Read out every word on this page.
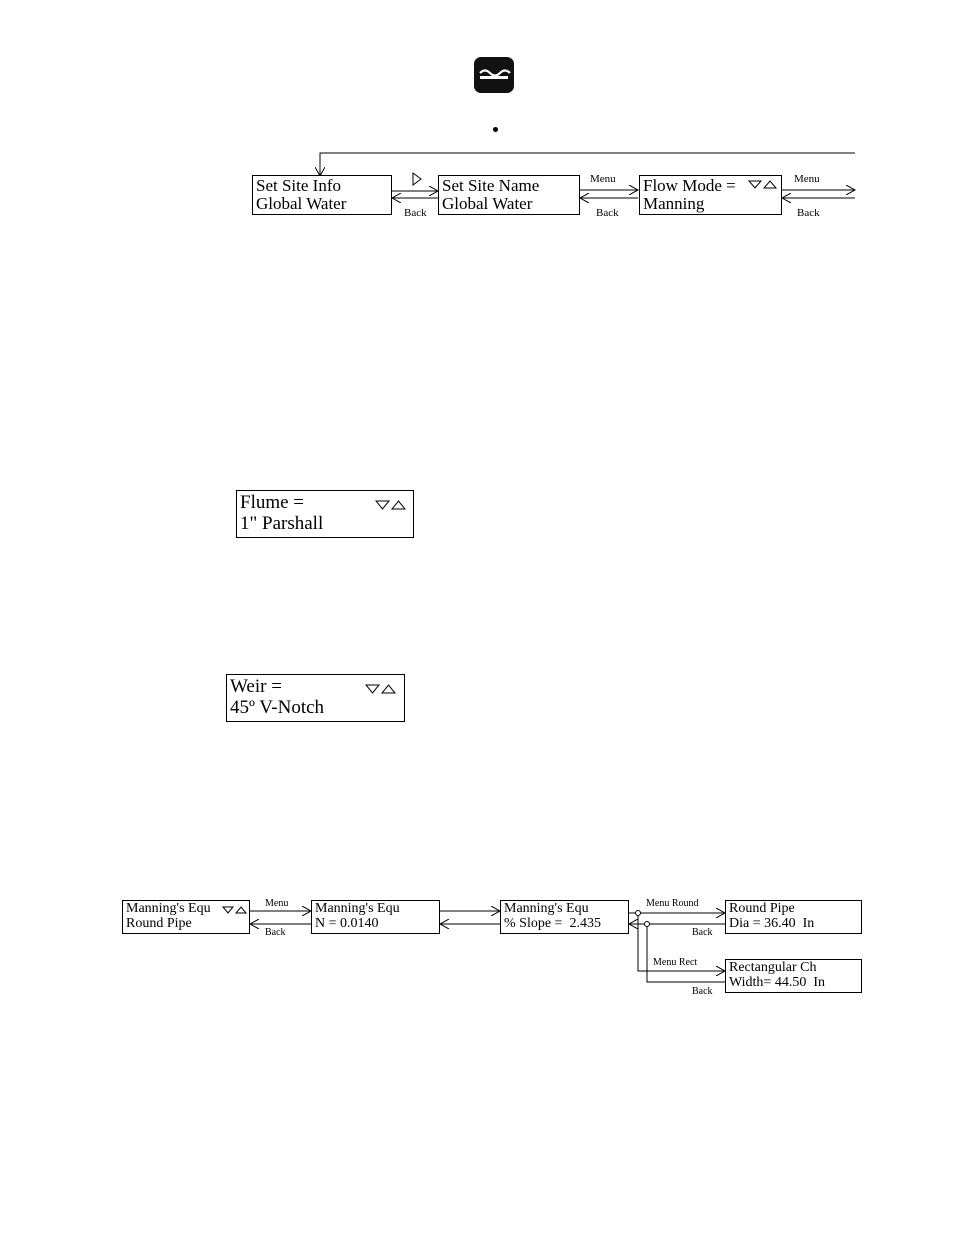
Set Site Info
Global Water
Set Site Name
Global Water
Flow Mode =
Manning
Menu
Back	Back
Menu
Back
Flume =
1" Parshall
Weir =
45º V-Notch
Manning's Equ
Round Pipe
Manning's Equ
N = 0.0140
Manning's Equ
% Slope =  2.435
Round Pipe
Dia = 36.40  In
Rectangular Ch
Width= 44.50  In
Menu
Back
Menu Round
Back
Menu Rect
Back
